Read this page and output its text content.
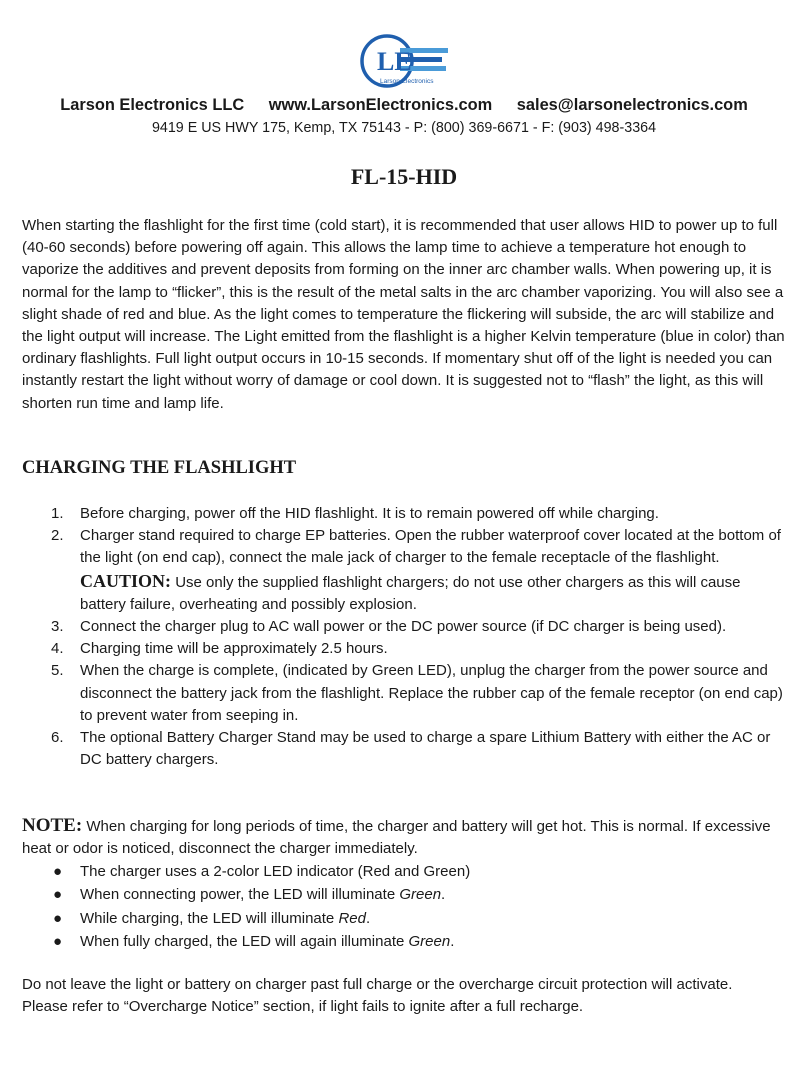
LE
Larson Electronics
Larson Electronics LLC www.LarsonElectronics.com sales@larsonelectronics.com
9419 E US HWY 175, Kemp, TX 75143 - P: (800) 369-6671 - F: (903) 498-3364
FL-15-HID
When starting the flashlight for the first time (cold start), it is recommended that user allows HID to power up to full (40-60 seconds) before powering off again. This allows the lamp time to achieve a temperature hot enough to vaporize the additives and prevent deposits from forming on the inner arc chamber walls. When powering up, it is normal for the lamp to “flicker”, this is the result of the metal salts in the arc chamber vaporizing. You will also see a slight shade of red and blue. As the light comes to temperature the flickering will subside, the arc will stabilize and the light output will increase. The Light emitted from the flashlight is a higher Kelvin temperature (blue in color) than ordinary flashlights. Full light output occurs in 10-15 seconds. If momentary shut off of the light is needed you can instantly restart the light without worry of damage or cool down. It is suggested not to “flash” the light, as this will shorten run time and lamp life.
CHARGING THE FLASHLIGHT
1. Before charging, power off the HID flashlight. It is to remain powered off while charging.
2. Charger stand required to charge EP batteries. Open the rubber waterproof cover located at the bottom of the light (on end cap), connect the male jack of charger to the female receptacle of the flashlight.
CAUTION: Use only the supplied flashlight chargers; do not use other chargers as this will cause battery failure, overheating and possibly explosion.
3. Connect the charger plug to AC wall power or the DC power source (if DC charger is being used).
4. Charging time will be approximately 2.5 hours.
5. When the charge is complete, (indicated by Green LED), unplug the charger from the power source and disconnect the battery jack from the flashlight. Replace the rubber cap of the female receptor (on end cap) to prevent water from seeping in.
6. The optional Battery Charger Stand may be used to charge a spare Lithium Battery with either the AC or DC battery chargers.
NOTE: When charging for long periods of time, the charger and battery will get hot. This is normal. If excessive heat or odor is noticed, disconnect the charger immediately.
● The charger uses a 2-color LED indicator (Red and Green)
● When connecting power, the LED will illuminate Green.
● While charging, the LED will illuminate Red.
● When fully charged, the LED will again illuminate Green.

Do not leave the light or battery on charger past full charge or the overcharge circuit protection will activate.

Please refer to “Overcharge Notice” section, if light fails to ignite after a full recharge.
